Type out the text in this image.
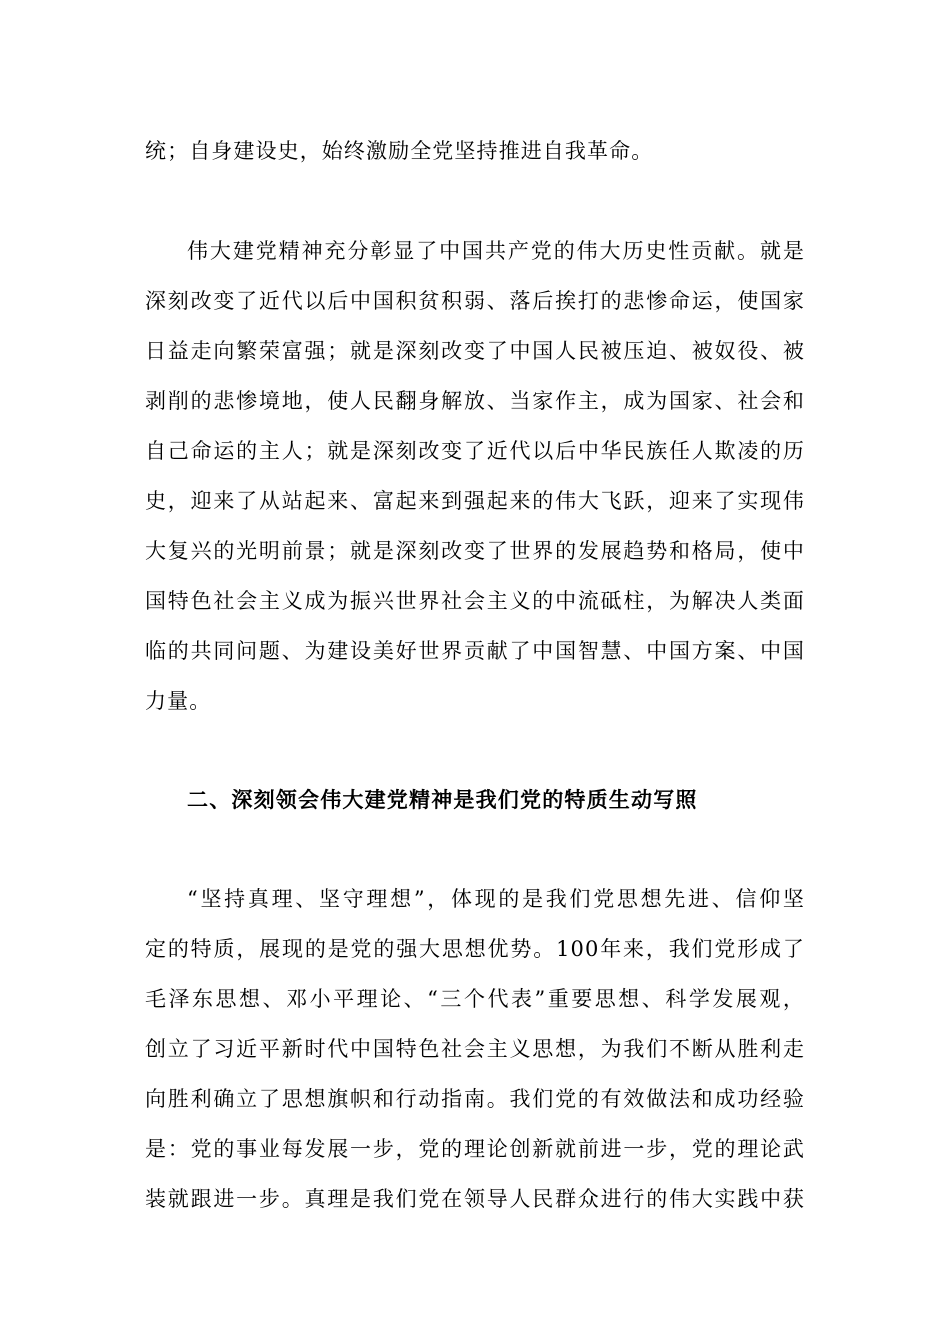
统；自身建设史，始终激励全党坚持推进自我革命。
伟大建党精神充分彰显了中国共产党的伟大历史性贡献。就是
深刻改变了近代以后中国积贫积弱、落后挨打的悲惨命运，使国家
日益走向繁荣富强；就是深刻改变了中国人民被压迫、被奴役、被
剥削的悲惨境地，使人民翻身解放、当家作主，成为国家、社会和
自己命运的主人；就是深刻改变了近代以后中华民族任人欺凌的历
史，迎来了从站起来、富起来到强起来的伟大飞跃，迎来了实现伟
大复兴的光明前景；就是深刻改变了世界的发展趋势和格局，使中
国特色社会主义成为振兴世界社会主义的中流砥柱，为解决人类面
临的共同问题、为建设美好世界贡献了中国智慧、中国方案、中国
力量。
二、深刻领会伟大建党精神是我们党的特质生动写照
“坚持真理、坚守理想”，体现的是我们党思想先进、信仰坚
定的特质，展现的是党的强大思想优势。100年来，我们党形成了
毛泽东思想、邓小平理论、“三个代表”重要思想、科学发展观，
创立了习近平新时代中国特色社会主义思想，为我们不断从胜利走
向胜利确立了思想旗帜和行动指南。我们党的有效做法和成功经验
是：党的事业每发展一步，党的理论创新就前进一步，党的理论武
装就跟进一步。真理是我们党在领导人民群众进行的伟大实践中获
